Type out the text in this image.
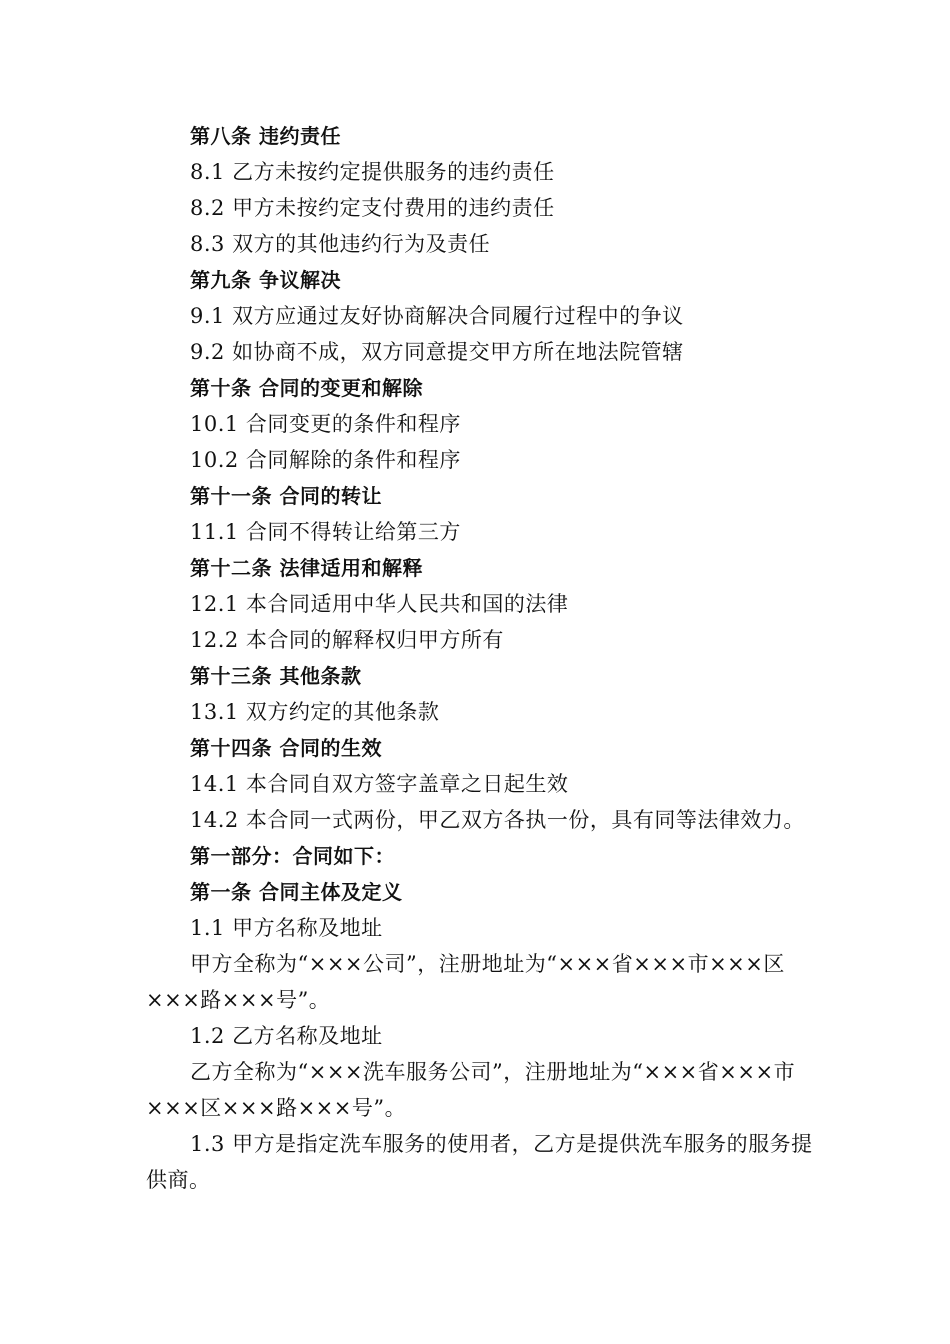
第八条 违约责任
8.1 乙方未按约定提供服务的违约责任
8.2 甲方未按约定支付费用的违约责任
8.3 双方的其他违约行为及责任
第九条 争议解决
9.1 双方应通过友好协商解决合同履行过程中的争议
9.2 如协商不成，双方同意提交甲方所在地法院管辖
第十条 合同的变更和解除
10.1 合同变更的条件和程序
10.2 合同解除的条件和程序
第十一条 合同的转让
11.1 合同不得转让给第三方
第十二条 法律适用和解释
12.1 本合同适用中华人民共和国的法律
12.2 本合同的解释权归甲方所有
第十三条 其他条款
13.1 双方约定的其他条款
第十四条 合同的生效
14.1 本合同自双方签字盖章之日起生效
14.2 本合同一式两份，甲乙双方各执一份，具有同等法律效力。
第一部分：合同如下：
第一条 合同主体及定义
1.1 甲方名称及地址
甲方全称为“×××公司”，注册地址为“×××省×××市×××区×××路×××号”。
1.2 乙方名称及地址
乙方全称为“×××洗车服务公司”，注册地址为“×××省×××市×××区×××路×××号”。
1.3 甲方是指定洗车服务的使用者，乙方是提供洗车服务的服务提供商。
